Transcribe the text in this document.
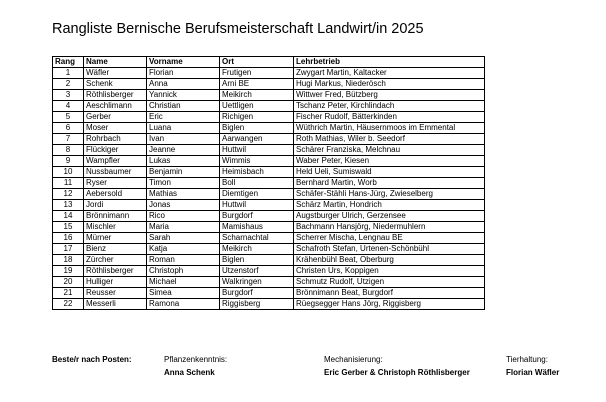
Rangliste Bernische Berufsmeisterschaft Landwirt/in 2025
Rang	Name	Vorname	Ort	Lehrbetrieb
1	Wäfler	Florian	Frutigen	Zwygart Martin, Kaltacker
2	Schenk	Anna	Arni BE	Hugi Markus, Niederösch
3	Röthlisberger	Yannick	Meikirch	Wittwer Fred, Bützberg
4	Aeschlimann	Christian	Uettligen	Tschanz Peter, Kirchlindach
5	Gerber	Eric	Richigen	Fischer Rudolf, Bätterkinden
6	Moser	Luana	Biglen	Wüthrich Martin, Häusernmoos im Emmental
7	Rohrbach	Ivan	Aarwangen	Roth Mathias, Wiler b. Seedorf
8	Flückiger	Jeanne	Huttwil	Schärer Franziska, Melchnau
9	Wampfler	Lukas	Wimmis	Waber Peter, Kiesen
10	Nussbaumer	Benjamin	Heimisbach	Held Ueli, Sumiswald
11	Ryser	Timon	Boll	Bernhard Martin, Worb
12	Aebersold	Mathias	Diemtigen	Schäfer-Stähli Hans-Jürg, Zwieselberg
13	Jordi	Jonas	Huttwil	Schärz Martin, Hondrich
14	Brönnimann	Rico	Burgdorf	Augstburger Ulrich, Gerzensee
15	Mischler	Maria	Mamishaus	Bachmann Hansjörg, Niedermuhlern
16	Mürner	Sarah	Scharnachtal	Scherrer Mischa, Lengnau BE
17	Bienz	Katja	Meikirch	Schafroth Stefan, Urtenen-Schönbühl
18	Zürcher	Roman	Biglen	Krähenbühl Beat, Oberburg
19	Röthlisberger	Christoph	Utzenstorf	Christen Urs, Koppigen
20	Hulliger	Michael	Walkringen	Schmutz Rudolf, Utzigen
21	Reusser	Simea	Burgdorf	Brönnimann Beat, Burgdorf
22	Messerli	Ramona	Riggisberg	Rüegsegger Hans Jörg, Riggisberg
Beste/r nach Posten:	Pflanzenkenntnis:
Anna Schenk
Mechanisierung:
Eric Gerber & Christoph Röthlisberger
Tierhaltung:
Florian Wäfler
